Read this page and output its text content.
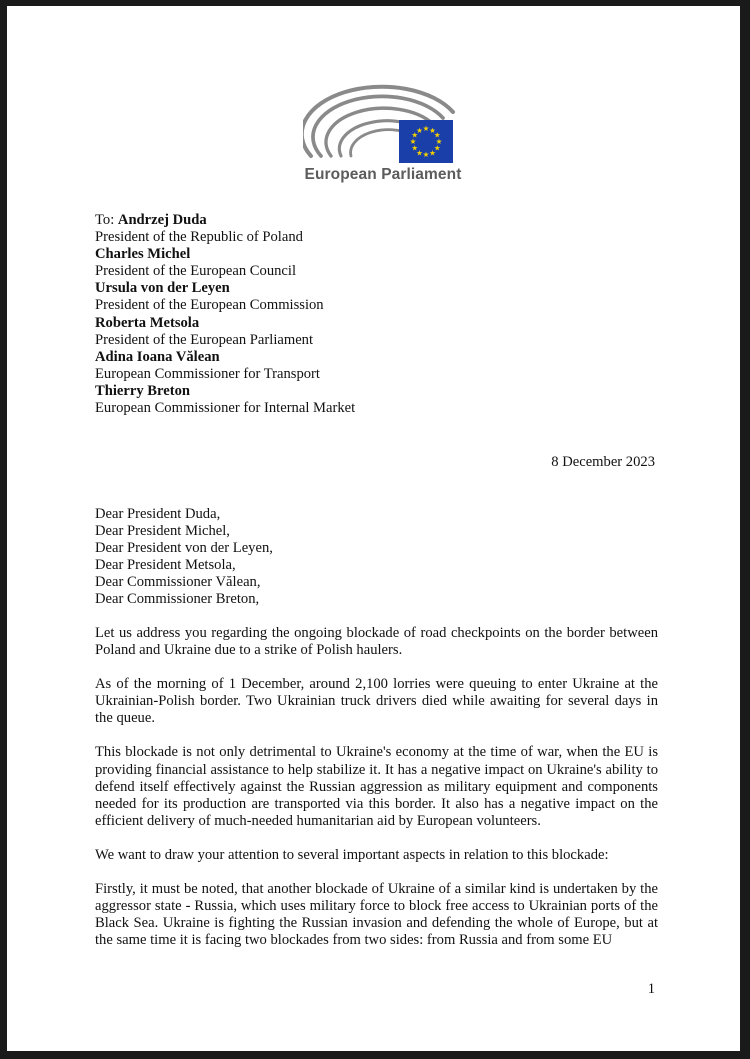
★ ★
★
★
★
★
★
★
★
★
★
★
European Parliament
To: Andrzej Duda
President of the Republic of Poland
Charles Michel
President of the European Council
Ursula von der Leyen
President of the European Commission
Roberta Metsola
President of the European Parliament
Adina Ioana Vălean
European Commissioner for Transport
Thierry Breton
European Commissioner for Internal Market
8 December 2023
Dear President Duda,
Dear President Michel,
Dear President von der Leyen,
Dear President Metsola,
Dear Commissioner Vălean,
Dear Commissioner Breton,

Let us address you regarding the ongoing blockade of road checkpoints on the border between Poland and Ukraine due to a strike of Polish haulers.

As of the morning of 1 December, around 2,100 lorries were queuing to enter Ukraine at the Ukrainian-Polish border. Two Ukrainian truck drivers died while awaiting for several days in the queue.

This blockade is not only detrimental to Ukraine's economy at the time of war, when the EU is providing financial assistance to help stabilize it. It has a negative impact on Ukraine's ability to defend itself effectively against the Russian aggression as military equipment and components needed for its production are transported via this border. It also has a negative impact on the efficient delivery of much-needed humanitarian aid by European volunteers.

We want to draw your attention to several important aspects in relation to this blockade:

Firstly, it must be noted, that another blockade of Ukraine of a similar kind is undertaken by the aggressor state - Russia, which uses military force to block free access to Ukrainian ports of the Black Sea. Ukraine is fighting the Russian invasion and defending the whole of Europe, but at the same time it is facing two blockades from two sides: from Russia and from some EU

1
